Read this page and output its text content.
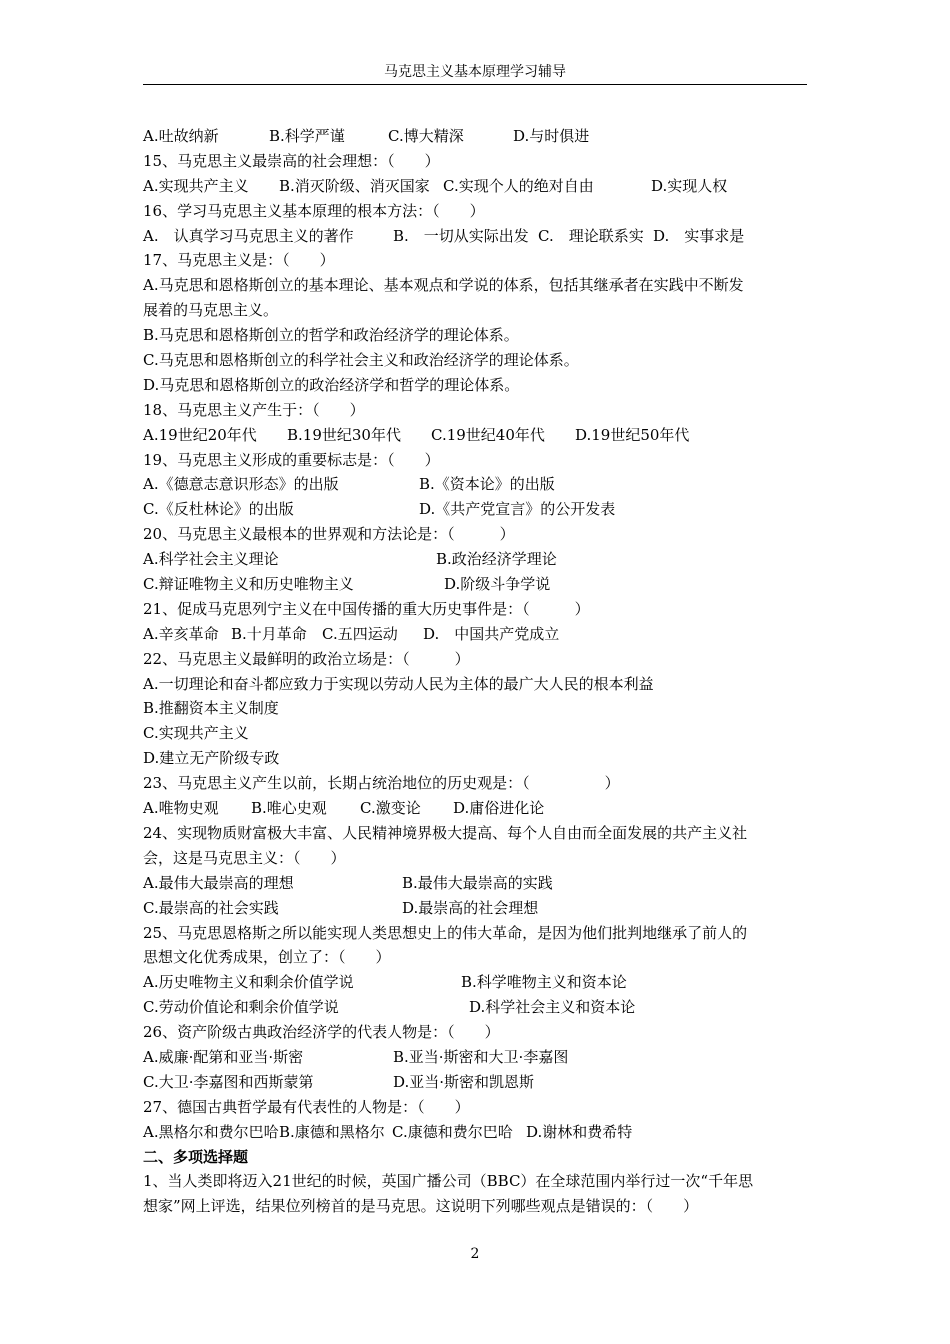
马克思主义基本原理学习辅导
A.吐故纳新	B.科学严谨	C.博大精深	D.与时俱进
15、马克思主义最崇高的社会理想：（　　）
A.实现共产主义 B.消灭阶级、消灭国家 C.实现个人的绝对自由	D.实现人权
16、学习马克思主义基本原理的根本方法：（　　）
A.　认真学习马克思主义的著作	B.　一切从实际出发 C.　理论联系实 D.　实事求是
17、马克思主义是：（　　）
A.马克思和恩格斯创立的基本理论、基本观点和学说的体系，包括其继承者在实践中不断发
展着的马克思主义。
B.马克思和恩格斯创立的哲学和政治经济学的理论体系。
C.马克思和恩格斯创立的科学社会主义和政治经济学的理论体系。
D.马克思和恩格斯创立的政治经济学和哲学的理论体系。
18、马克思主义产生于：（　　）
A.19世纪20年代 B.19世纪30年代 C.19世纪40年代 D.19世纪50年代
19、马克思主义形成的重要标志是：（　　）
A.《德意志意识形态》的出版	B.《资本论》的出版
C.《反杜林论》的出版	D.《共产党宣言》的公开发表
20、马克思主义最根本的世界观和方法论是：（　　　）
A.科学社会主义理论	B.政治经济学理论
C.辩证唯物主义和历史唯物主义	D.阶级斗争学说
21、促成马克思列宁主义在中国传播的重大历史事件是：（　　　）
A.辛亥革命 B.十月革命 C.五四运动 D.　中国共产党成立
22、马克思主义最鲜明的政治立场是：（　　　）
A.一切理论和奋斗都应致力于实现以劳动人民为主体的最广大人民的根本利益
B.推翻资本主义制度
C.实现共产主义
D.建立无产阶级专政
23、马克思主义产生以前，长期占统治地位的历史观是：（　　　　　）
A.唯物史观 B.唯心史观 C.激变论 D.庸俗进化论
24、实现物质财富极大丰富、人民精神境界极大提高、每个人自由而全面发展的共产主义社
会，这是马克思主义：（　　）
A.最伟大最崇高的理想	B.最伟大最崇高的实践
C.最崇高的社会实践	D.最崇高的社会理想
25、马克思恩格斯之所以能实现人类思想史上的伟大革命，是因为他们批判地继承了前人的
思想文化优秀成果，创立了：（　　）
A.历史唯物主义和剩余价值学说	B.科学唯物主义和资本论
C.劳动价值论和剩余价值学说	D.科学社会主义和资本论
26、资产阶级古典政治经济学的代表人物是：（　　）
A.威廉·配第和亚当·斯密	B.亚当·斯密和大卫·李嘉图
C.大卫·李嘉图和西斯蒙第	D.亚当·斯密和凯恩斯
27、德国古典哲学最有代表性的人物是：（　　）
A.黑格尔和费尔巴哈B.康德和黑格尔 C.康德和费尔巴哈 D.谢林和费希特
二、多项选择题
1、当人类即将迈入21世纪的时候，英国广播公司（BBC）在全球范围内举行过一次“千年思
想家”网上评选，结果位列榜首的是马克思。这说明下列哪些观点是错误的：（　　）
2
